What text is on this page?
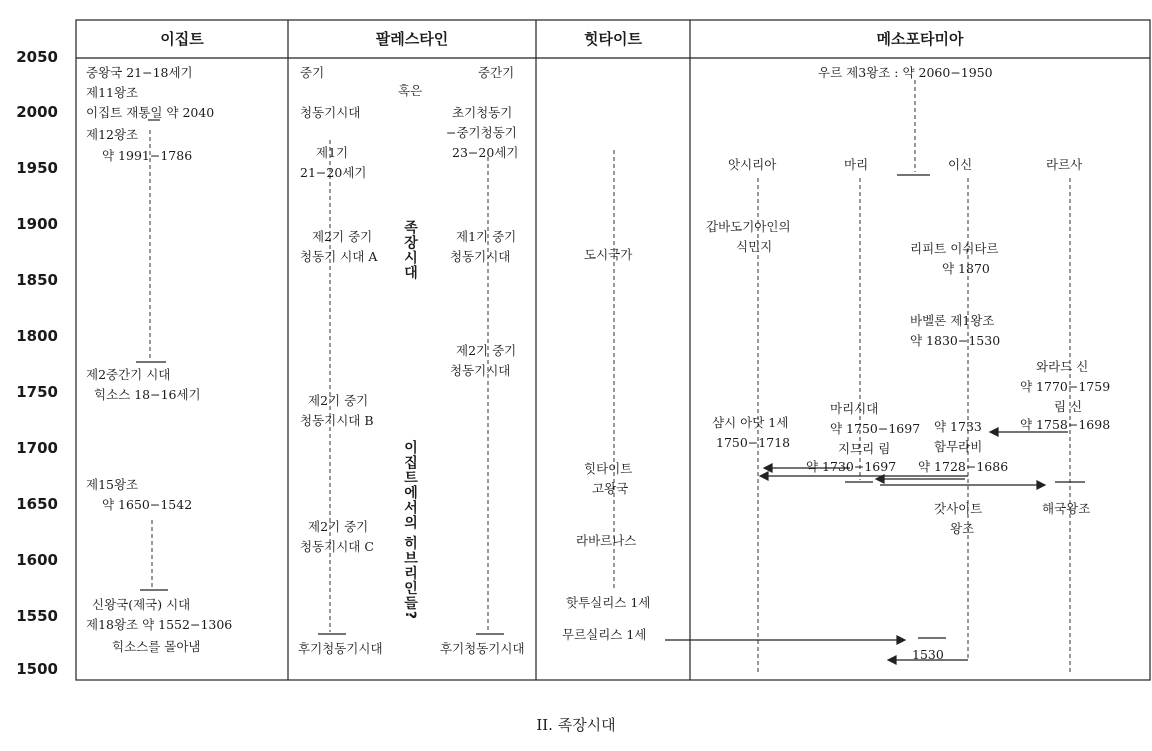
2050
2000
1950
1900
1850
1800
1750
1700
1650
1600
1550
1500
이집트	팔레스타인	힛타이트	메소포타미아
중왕국 21−18세기
제11왕조
이집트 재통일 약 2040
제12왕조
약 1991−1786
제2중간기 시대
힉소스 18−16세기
제15왕조
약 1650−1542
신왕국(제국) 시대
제18왕조 약 1552−1306
힉소스를 몰아냄
중기
혹은
중간기
청동기시대	초기청동기
−중기청동기
23−20세기
제1기
21−20세기
제2기 중기
청동기 시대 A 족장시대	제1기 중기
청동기시대
제2기 중기
청동기시대
제2기 중기
청동기시대 B
이집트에서의 히브리인들?
제2기 중기
청동기시대 C
후기청동기시대	후기청동기시대
도시국가
힛타이트
고왕국
라바르나스
핫투실리스 1세
무르실리스 1세
우르 제3왕조 : 약 2060−1950
앗시리아	마리	이신	라르사
갑바도기아인의
식민지	리피트 이쉬타르
약 1870
바벨론 제1왕조
약 1830−1530
와라드 신
약 1770−1759
림 신
약 1758−1698
마리시대
약 1750−1697
지므리 림
약 1730−1697
샴시 아닷 1세
1750−1718
약 1733
함무라비
약 1728−1686
해국왕조
갓사이트
왕조
1530
II. 족장시대
